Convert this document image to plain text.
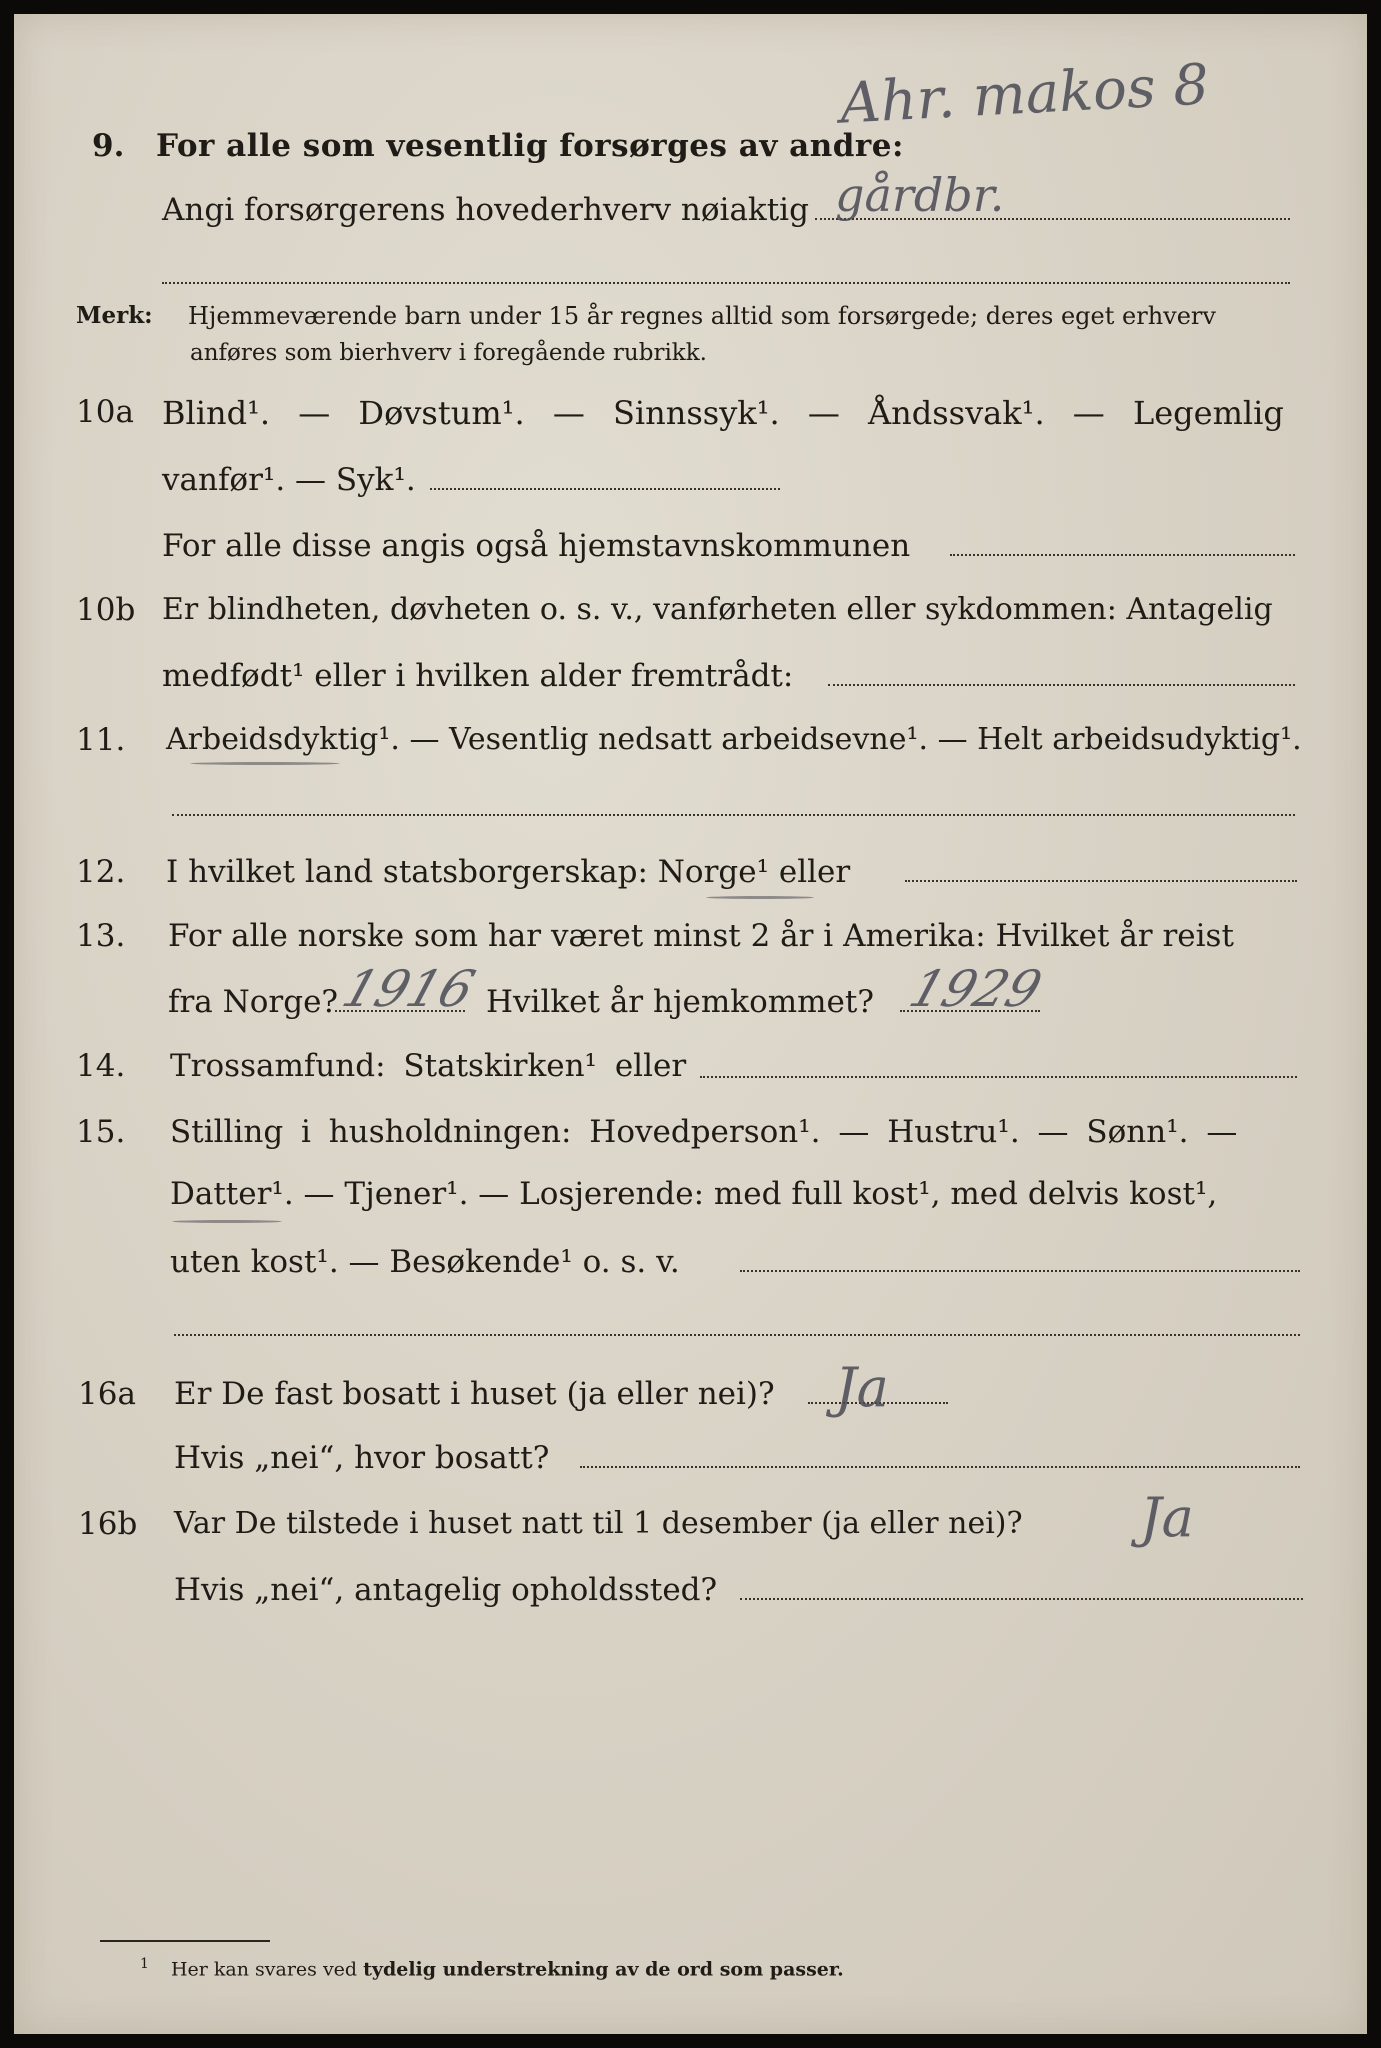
Ahr. makos 8
9. For alle som vesentlig forsørges av andre:
Angi forsørgerens hovederhverv nøiaktig gårdbr.
Merk: Hjemmeværende barn under 15 år regnes alltid som forsørgede; deres eget erhverv
anføres som bierhverv i foregående rubrikk.
10a Blind¹. — Døvstum¹. — Sinnssyk¹. — Åndssvak¹. — Legemlig
vanfør¹. — Syk¹.
For alle disse angis også hjemstavnskommunen
10b Er blindheten, døvheten o. s. v., vanførheten eller sykdommen: Antagelig
medfødt¹ eller i hvilken alder fremtrådt:
11. Arbeidsdyktig¹. — Vesentlig nedsatt arbeidsevne¹. — Helt arbeidsudyktig¹.
12. I hvilket land statsborgerskap: Norge¹ eller
13. For alle norske som har været minst 2 år i Amerika: Hvilket år reist
fra Norge?
1916 Hvilket år hjemkommet? 1929
14. Trossamfund: Statskirken¹ eller
15. Stilling i husholdningen: Hovedperson¹. — Hustru¹. — Sønn¹. —
Datter¹. — Tjener¹. — Losjerende: med full kost¹, med delvis kost¹,
uten kost¹. — Besøkende¹ o. s. v.
16a Er De fast bosatt i huset (ja eller nei)? Ja
Hvis „nei“, hvor bosatt?
16b Var De tilstede i huset natt til 1 desember (ja eller nei)? Ja
Hvis „nei“, antagelig opholdssted?
$^1$ Her kan svares ved tydelig understrekning av de ord som passer.
